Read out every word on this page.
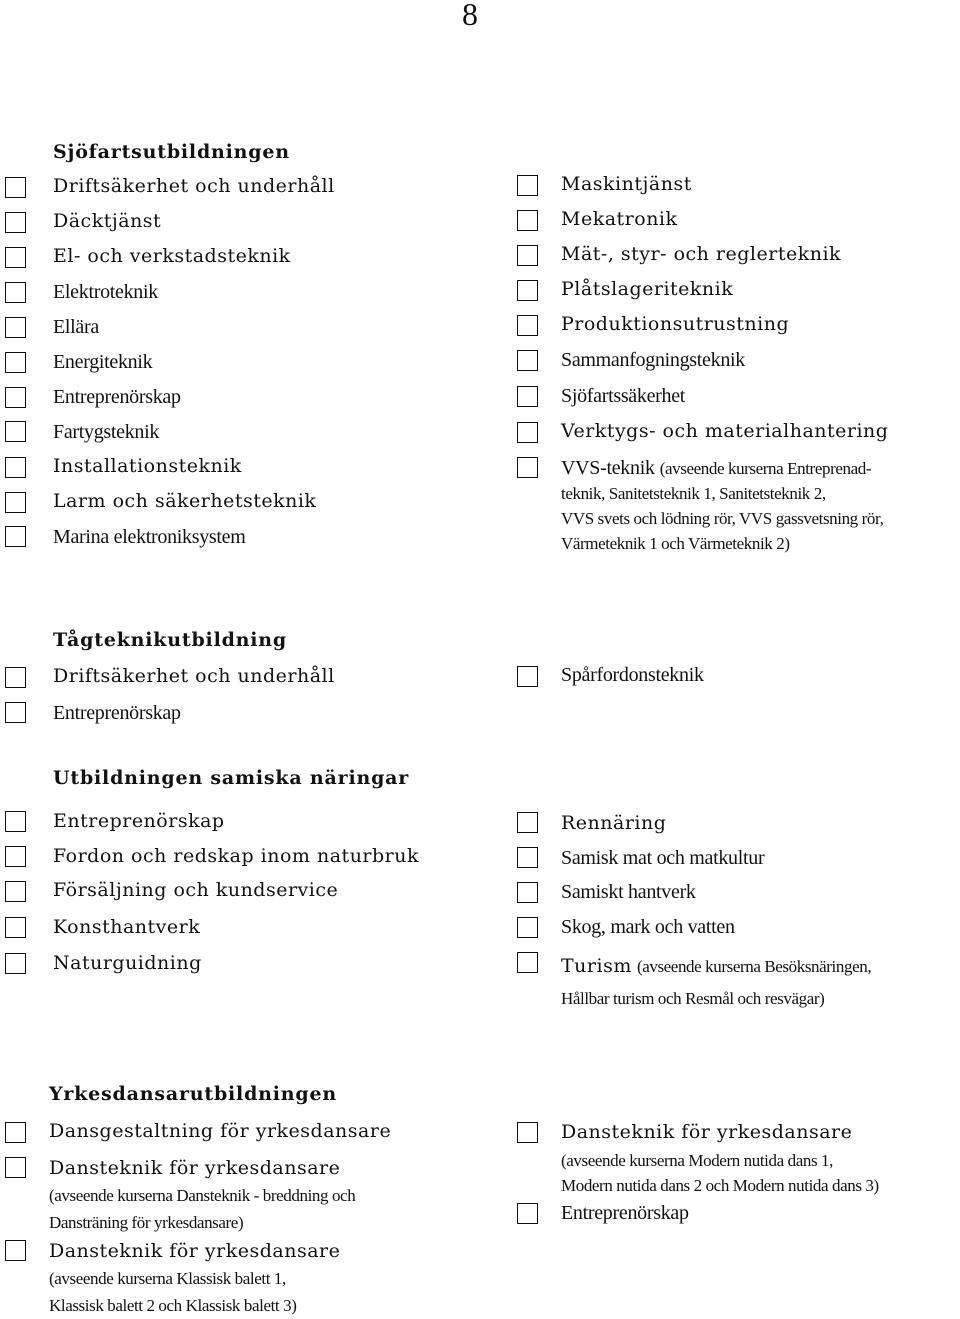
8
Sjöfartsutbildningen
Driftsäkerhet och underhåll
Däcktjänst
El- och verkstadsteknik
Elektroteknik
Ellära
Energiteknik
Entreprenörskap
Fartygsteknik
Installationsteknik
Larm och säkerhetsteknik
Marina elektroniksystem
Maskintjänst
Mekatronik
Mät-, styr- och reglerteknik
Plåtslageriteknik
Produktionsutrustning
Sammanfogningsteknik
Sjöfartssäkerhet
Verktygs- och materialhantering
VVS-teknik (avseende kurserna Entreprenad-
teknik, Sanitetsteknik 1, Sanitetsteknik 2,
VVS svets och lödning rör, VVS gassvetsning rör,
Värmeteknik 1 och Värmeteknik 2)
Tågteknikutbildning
Driftsäkerhet och underhåll
Entreprenörskap
Spårfordonsteknik
Utbildningen samiska näringar
Entreprenörskap
Fordon och redskap inom naturbruk
Försäljning och kundservice
Konsthantverk
Naturguidning
Rennäring
Samisk mat och matkultur
Samiskt hantverk
Skog, mark och vatten
Turism (avseende kurserna Besöksnäringen,
Hållbar turism och Resmål och resvägar)
Yrkesdansarutbildningen
Dansgestaltning för yrkesdansare
Dansteknik för yrkesdansare
(avseende kurserna Dansteknik - breddning och
Dansträning för yrkesdansare)
Dansteknik för yrkesdansare
(avseende kurserna Klassisk balett 1,
Klassisk balett 2 och Klassisk balett 3)
Dansteknik för yrkesdansare
(avseende kurserna Modern nutida dans 1,
Modern nutida dans 2 och Modern nutida dans 3)
Entreprenörskap
